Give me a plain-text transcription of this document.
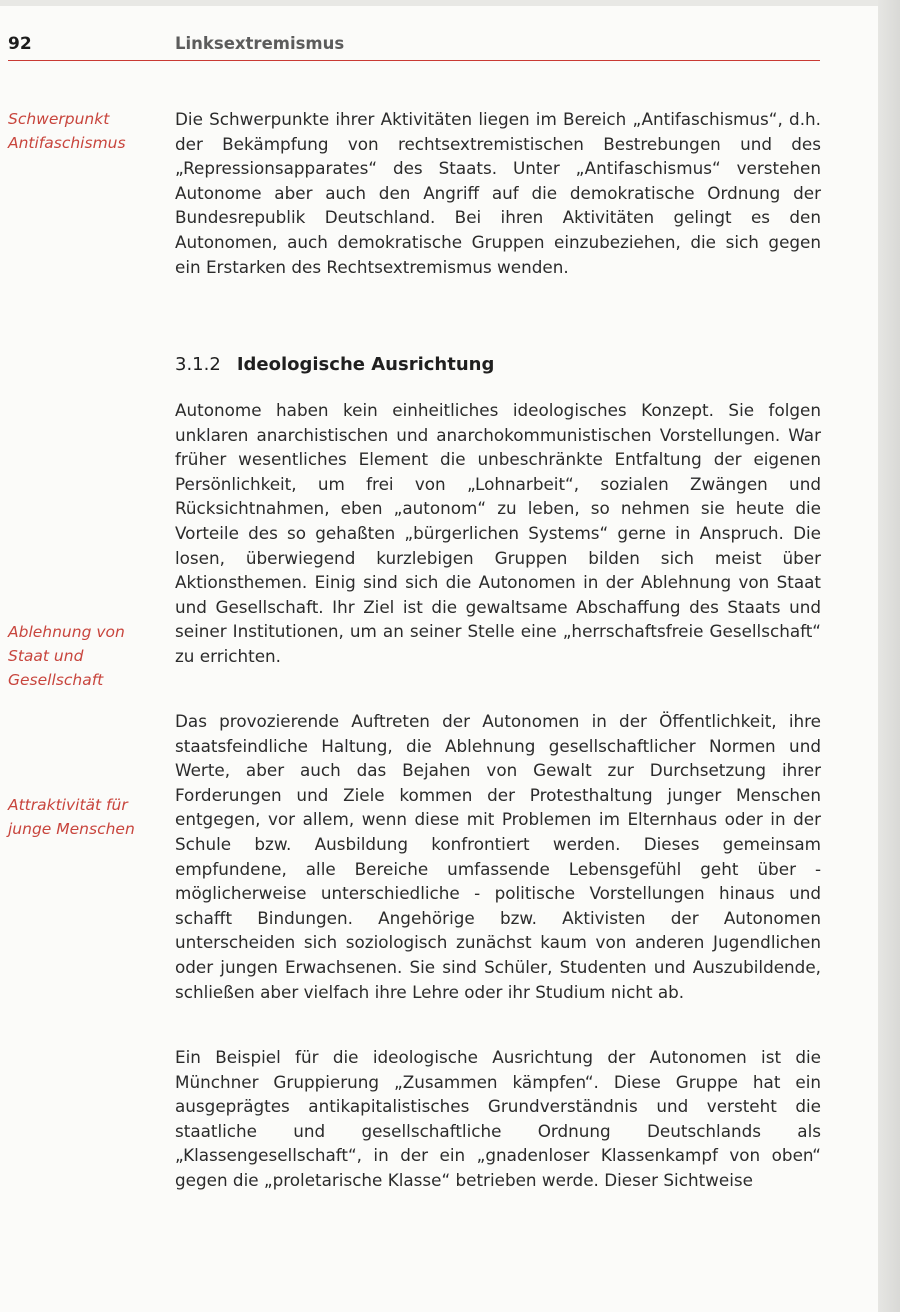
92	Linksextremismus
Schwerpunkt Antifaschismus
Ablehnung von Staat und Gesellschaft
Attraktivität für junge Menschen

Die Schwerpunkte ihrer Aktivitäten liegen im Bereich „Antifaschismus“, d.h. der Bekämpfung von rechtsextremistischen Bestrebungen und des „Repressionsapparates“ des Staats. Unter „Antifaschismus“ verstehen Autonome aber auch den Angriff auf die demokratische Ordnung der Bundesrepublik Deutschland. Bei ihren Aktivitäten gelingt es den Autonomen, auch demokratische Gruppen einzubeziehen, die sich gegen ein Erstarken des Rechtsextremismus wenden.

3.1.2 Ideologische Ausrichtung

Autonome haben kein einheitliches ideologisches Konzept. Sie folgen unklaren anarchistischen und anarchokommunistischen Vorstellungen. War früher wesentliches Element die unbeschränkte Entfaltung der eigenen Persönlichkeit, um frei von „Lohnarbeit“, sozialen Zwängen und Rücksichtnahmen, eben „autonom“ zu leben, so nehmen sie heute die Vorteile des so gehaßten „bürgerlichen Systems“ gerne in Anspruch. Die losen, überwiegend kurzlebigen Gruppen bilden sich meist über Aktionsthemen. Einig sind sich die Autonomen in der Ablehnung von Staat und Gesellschaft. Ihr Ziel ist die gewaltsame Abschaffung des Staats und seiner Institutionen, um an seiner Stelle eine „herrschaftsfreie Gesellschaft“ zu errichten.

Das provozierende Auftreten der Autonomen in der Öffentlichkeit, ihre staatsfeindliche Haltung, die Ablehnung gesellschaftlicher Normen und Werte, aber auch das Bejahen von Gewalt zur Durchsetzung ihrer Forderungen und Ziele kommen der Protesthaltung junger Menschen entgegen, vor allem, wenn diese mit Problemen im Elternhaus oder in der Schule bzw. Ausbildung konfrontiert werden. Dieses gemeinsam empfundene, alle Bereiche umfassende Lebensgefühl geht über - möglicherweise unterschiedliche - politische Vorstellungen hinaus und schafft Bindungen. Angehörige bzw. Aktivisten der Autonomen unterscheiden sich soziologisch zunächst kaum von anderen Jugendlichen oder jungen Erwachsenen. Sie sind Schüler, Studenten und Auszubildende, schließen aber vielfach ihre Lehre oder ihr Studium nicht ab.

Ein Beispiel für die ideologische Ausrichtung der Autonomen ist die Münchner Gruppierung „Zusammen kämpfen“. Diese Gruppe hat ein ausgeprägtes antikapitalistisches Grundverständnis und versteht die staatliche und gesellschaftliche Ordnung Deutschlands als „Klassengesellschaft“, in der ein „gnadenloser Klassenkampf von oben“ gegen die „proletarische Klasse“ betrieben werde. Dieser Sichtweise
